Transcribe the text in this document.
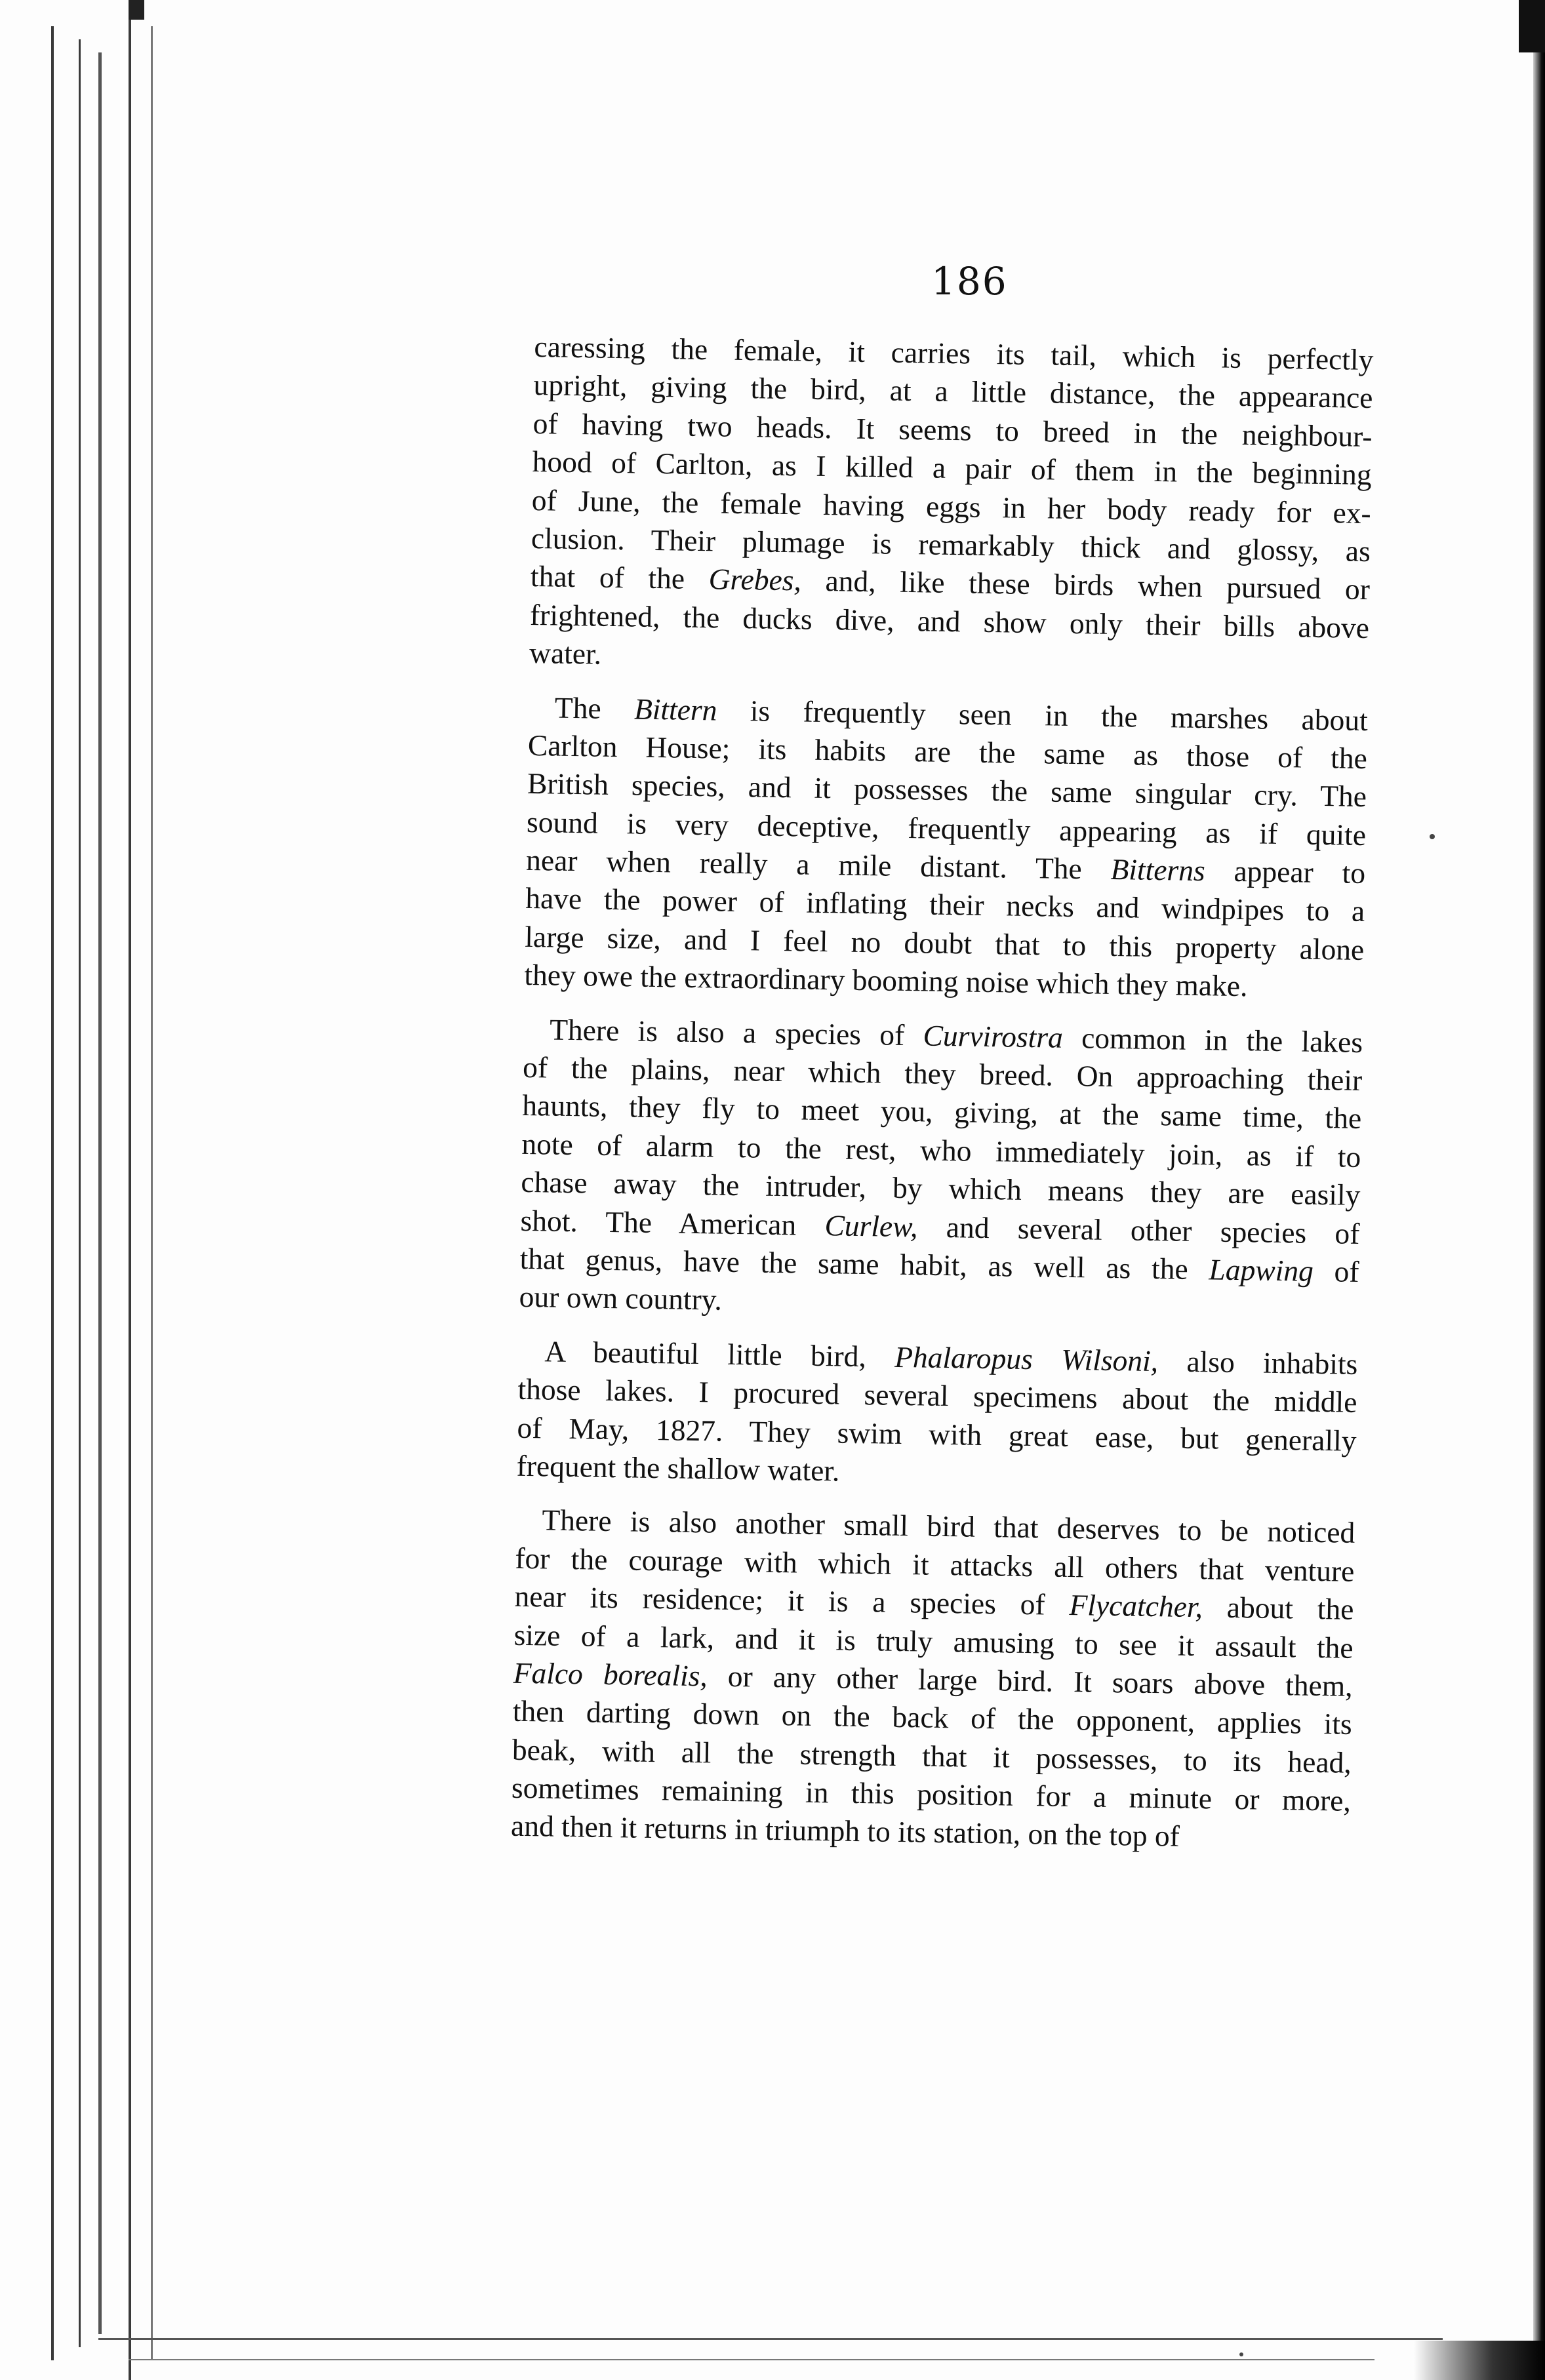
186
caressing the female, it carries its tail, which is perfectly
upright, giving the bird, at a little distance, the appearance
of having two heads. It seems to breed in the neighbour-
hood of Carlton, as I killed a pair of them in the beginning
of June, the female having eggs in her body ready for ex-
clusion. Their plumage is remarkably thick and glossy, as
that of the Grebes, and, like these birds when pursued or
frightened, the ducks dive, and show only their bills above
water.
The Bittern is frequently seen in the marshes about
Carlton House; its habits are the same as those of the
British species, and it possesses the same singular cry. The
sound is very deceptive, frequently appearing as if quite
near when really a mile distant. The Bitterns appear to
have the power of inflating their necks and windpipes to a
large size, and I feel no doubt that to this property alone
they owe the extraordinary booming noise which they make.
There is also a species of Curvirostra common in the lakes
of the plains, near which they breed. On approaching their
haunts, they fly to meet you, giving, at the same time, the
note of alarm to the rest, who immediately join, as if to
chase away the intruder, by which means they are easily
shot. The American Curlew, and several other species of
that genus, have the same habit, as well as the Lapwing of
our own country.
A beautiful little bird, Phalaropus Wilsoni, also inhabits
those lakes. I procured several specimens about the middle
of May, 1827. They swim with great ease, but generally
frequent the shallow water.
There is also another small bird that deserves to be noticed
for the courage with which it attacks all others that venture
near its residence; it is a species of Flycatcher, about the
size of a lark, and it is truly amusing to see it assault the
Falco borealis, or any other large bird. It soars above them,
then darting down on the back of the opponent, applies its
beak, with all the strength that it possesses, to its head,
sometimes remaining in this position for a minute or more,
and then it returns in triumph to its station, on the top of
